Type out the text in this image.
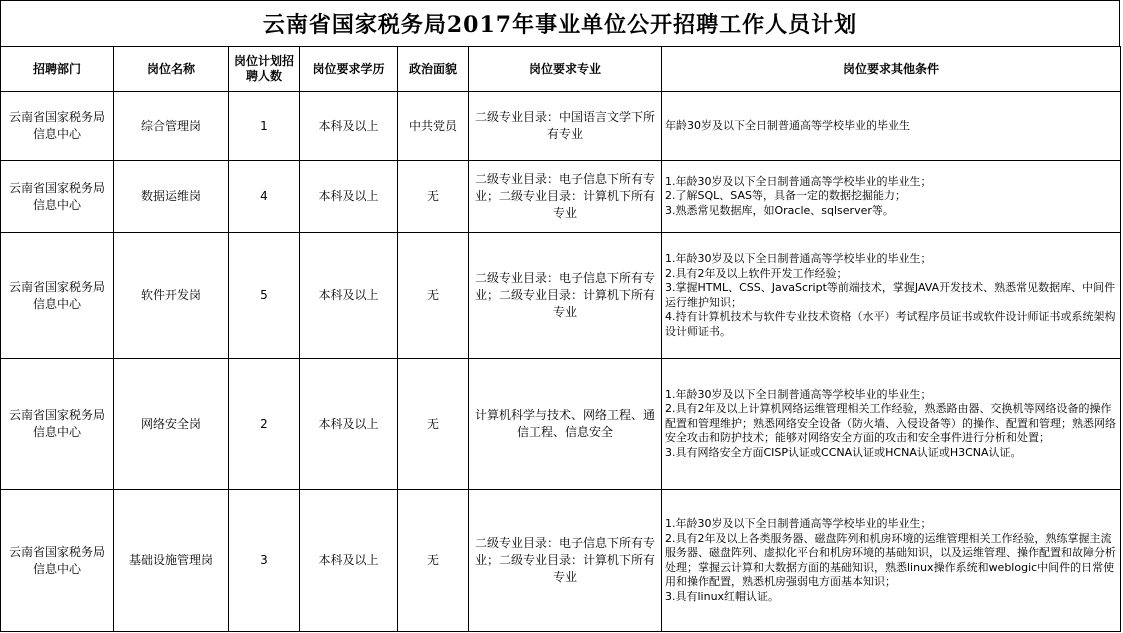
云南省国家税务局2017年事业单位公开招聘工作人员计划
招聘部门	岗位名称	岗位计划招聘人数	岗位要求学历	政治面貌	岗位要求专业	岗位要求其他条件
云南省国家税务局信息中心	综合管理岗	1	本科及以上	中共党员	二级专业目录：中国语言文学下所有专业	年龄30岁及以下全日制普通高等学校毕业的毕业生

云南省国家税务局信息中心	数据运维岗	4	本科及以上	无	二级专业目录：电子信息下所有专业；二级专业目录：计算机下所有专业	1.年龄30岁及以下全日制普通高等学校毕业的毕业生；
2.了解SQL、SAS等，具备一定的数据挖掘能力；
3.熟悉常见数据库，如Oracle、sqlserver等。

云南省国家税务局信息中心	软件开发岗	5	本科及以上	无	二级专业目录：电子信息下所有专业；二级专业目录：计算机下所有专业	1.年龄30岁及以下全日制普通高等学校毕业的毕业生；
2.具有2年及以上软件开发工作经验；
3.掌握HTML、CSS、JavaScript等前端技术，掌握JAVA开发技术、熟悉常见数据库、中间件运行维护知识；
4.持有计算机技术与软件专业技术资格（水平）考试程序员证书或软件设计师证书或系统架构设计师证书。

云南省国家税务局信息中心	网络安全岗	2	本科及以上	无	计算机科学与技术、网络工程、通信工程、信息安全	1.年龄30岁及以下全日制普通高等学校毕业的毕业生；
2.具有2年及以上计算机网络运维管理相关工作经验，熟悉路由器、交换机等网络设备的操作配置和管理维护；熟悉网络安全设备（防火墙、入侵设备等）的操作、配置和管理；熟悉网络安全攻击和防护技术；能够对网络安全方面的攻击和安全事件进行分析和处置；
3.具有网络安全方面CISP认证或CCNA认证或HCNA认证或H3CNA认证。

云南省国家税务局信息中心	基础设施管理岗	3	本科及以上	无	二级专业目录：电子信息下所有专业；二级专业目录：计算机下所有专业	1.年龄30岁及以下全日制普通高等学校毕业的毕业生；
2.具有2年及以上各类服务器、磁盘阵列和机房环境的运维管理相关工作经验，熟练掌握主流服务器、磁盘阵列、虚拟化平台和机房环境的基础知识，以及运维管理、操作配置和故障分析处理；掌握云计算和大数据方面的基础知识，熟悉linux操作系统和weblogic中间件的日常使用和操作配置，熟悉机房强弱电方面基本知识；
3.具有linux红帽认证。
